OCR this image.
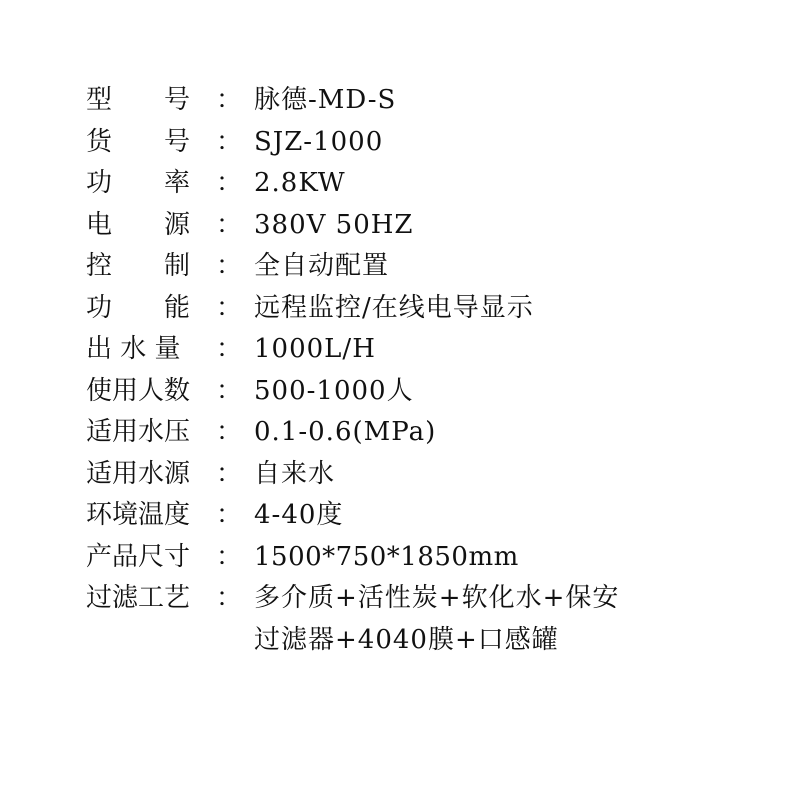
型　　号 ： 脉德-MD-S
货　　号 ： SJZ-1000
功　　率 ： 2.8KW
电　　源 ： 380V 50HZ
控　　制 ： 全自动配置
功　　能 ： 远程监控/在线电导显示
出 水 量	： 1000L/H
使用人数 ： 500-1000人
适用水压 ： 0.1-0.6(MPa)
适用水源 ： 自来水
环境温度 ： 4-40度
产品尺寸 ： 1500*750*1850mm
过滤工艺 ： 多介质+活性炭+软化水+保安
过滤器+4040膜+口感罐
